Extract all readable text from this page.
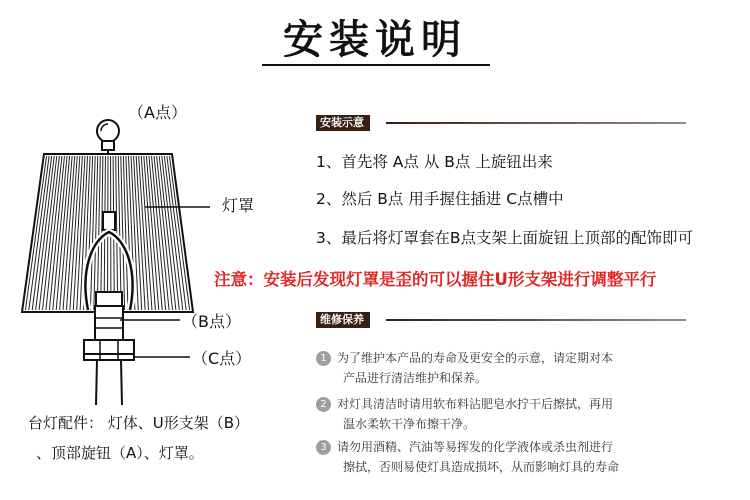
安装说明
（A点）
灯罩
（B点）
（C点）
台灯配件： 灯体、U形支架（B）
、顶部旋钮（A）、灯罩。
安装示意
1、首先将 A点 从 B点 上旋钮出来
2、然后 B点 用手握住插进 C点槽中
3、最后将灯罩套在B点支架上面旋钮上顶部的配饰即可
注意：安装后发现灯罩是歪的可以握住U形支架进行调整平行
维修保养
1 为了维护本产品的寿命及更安全的示意，请定期对本
产品进行清洁维护和保养。
2 对灯具清洁时请用软布料沾肥皂水拧干后擦拭，再用
温水柔软干净布擦干净。
3 请勿用酒精、汽油等易挥发的化学液体或杀虫剂进行
擦拭，否则易使灯具造成损坏，从而影响灯具的寿命
